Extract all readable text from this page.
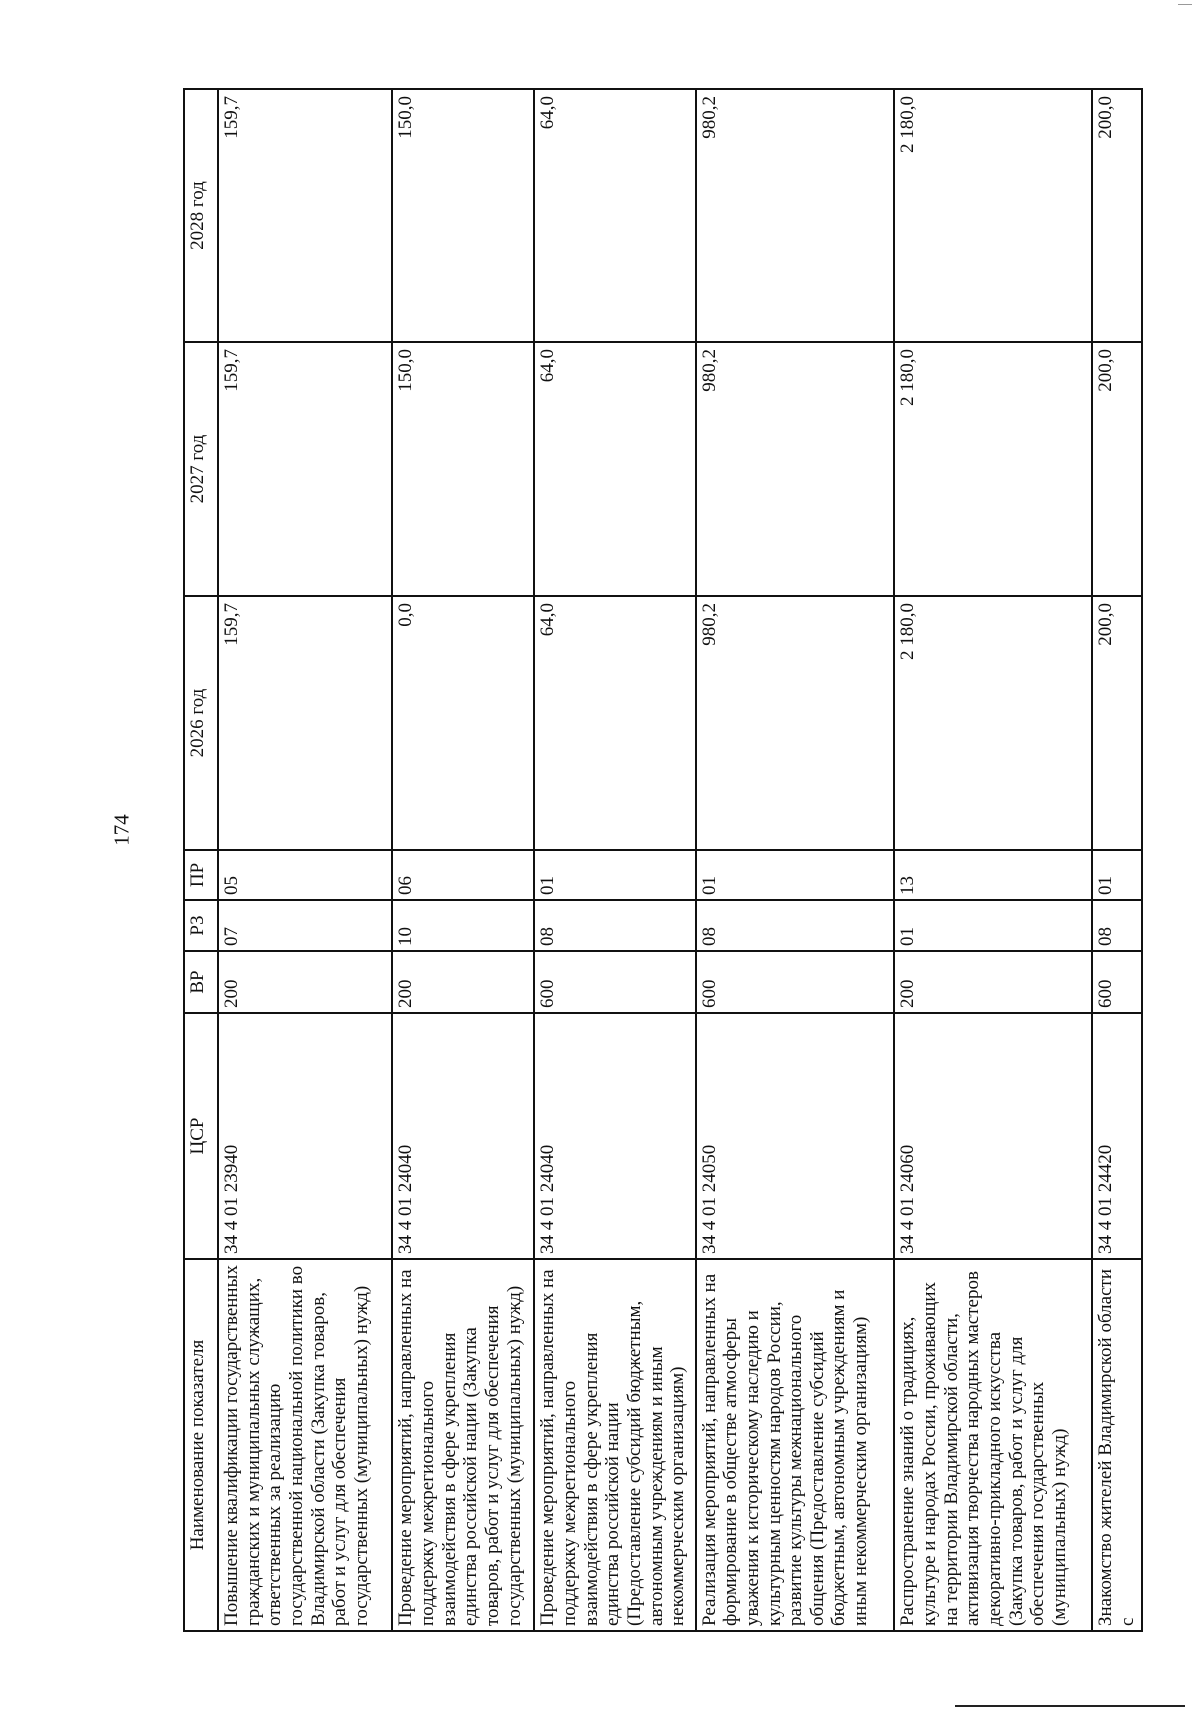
174
Наименование показателя	ЦСР	ВР	РЗ	ПР	2026 год	2027 год	2028 год
Повышение квалификации государственных гражданских и муниципальных служащих, ответственных за реализацию государственной национальной политики во Владимирской области (Закупка товаров, работ и услуг для обеспечения государственных (муниципальных) нужд)	34 4 01 23940	200	07	05	159,7	159,7	159,7
Проведение мероприятий, направленных на поддержку межрегионального взаимодействия в сфере укрепления единства российской нации (Закупка товаров, работ и услуг для обеспечения государственных (муниципальных) нужд)	34 4 01 24040	200	10	06	0,0	150,0	150,0
Проведение мероприятий, направленных на поддержку межрегионального взаимодействия в сфере укрепления единства российской нации (Предоставление субсидий бюджетным, автономным учреждениям и иным некоммерческим организациям)	34 4 01 24040	600	08	01	64,0	64,0	64,0
Реализация мероприятий, направленных на формирование в обществе атмосферы уважения к историческому наследию и культурным ценностям народов России, развитие культуры межнационального общения (Предоставление субсидий бюджетным, автономным учреждениям и иным некоммерческим организациям)	34 4 01 24050	600	08	01	980,2	980,2	980,2
Распространение знаний о традициях, культуре и народах России, проживающих на территории Владимирской области, активизация творчества народных мастеров декоративно-прикладного искусства (Закупка товаров, работ и услуг для обеспечения государственных (муниципальных) нужд)	34 4 01 24060	200	01	13	2 180,0	2 180,0	2 180,0
Знакомство жителей Владимирской области с	34 4 01 24420	600	08	01	200,0	200,0	200,0
